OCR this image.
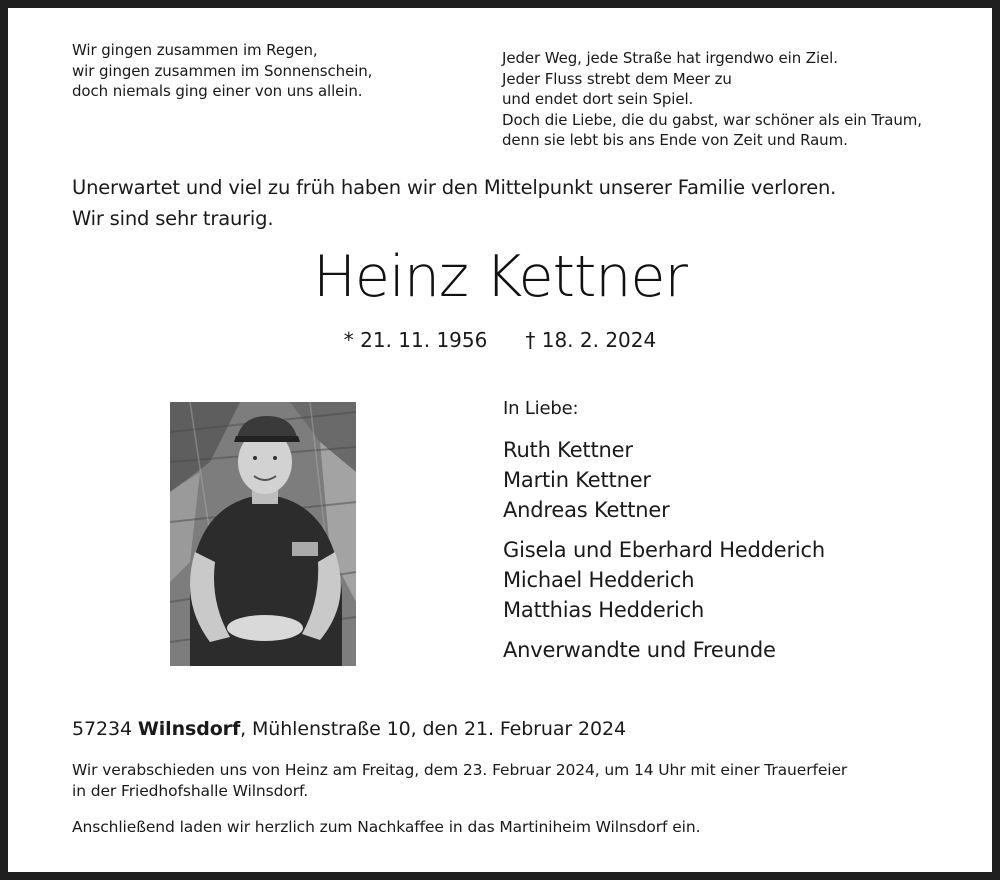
Wir gingen zusammen im Regen,
wir gingen zusammen im Sonnenschein,
doch niemals ging einer von uns allein.
Jeder Weg, jede Straße hat irgendwo ein Ziel.
Jeder Fluss strebt dem Meer zu
und endet dort sein Spiel.
Doch die Liebe, die du gabst, war schöner als ein Traum,
denn sie lebt bis ans Ende von Zeit und Raum.
Unerwartet und viel zu früh haben wir den Mittelpunkt unserer Familie verloren.
Wir sind sehr traurig.
Heinz Kettner
* 21. 11. 1956 † 18. 2. 2024
In Liebe:
Ruth Kettner
Martin Kettner
Andreas Kettner
Gisela und Eberhard Hedderich
Michael Hedderich
Matthias Hedderich
Anverwandte und Freunde
57234 Wilnsdorf, Mühlenstraße 10, den 21. Februar 2024
Wir verabschieden uns von Heinz am Freitag, dem 23. Februar 2024, um 14 Uhr mit einer Trauerfeier
in der Friedhofshalle Wilnsdorf.
Anschließend laden wir herzlich zum Nachkaffee in das Martiniheim Wilnsdorf ein.
